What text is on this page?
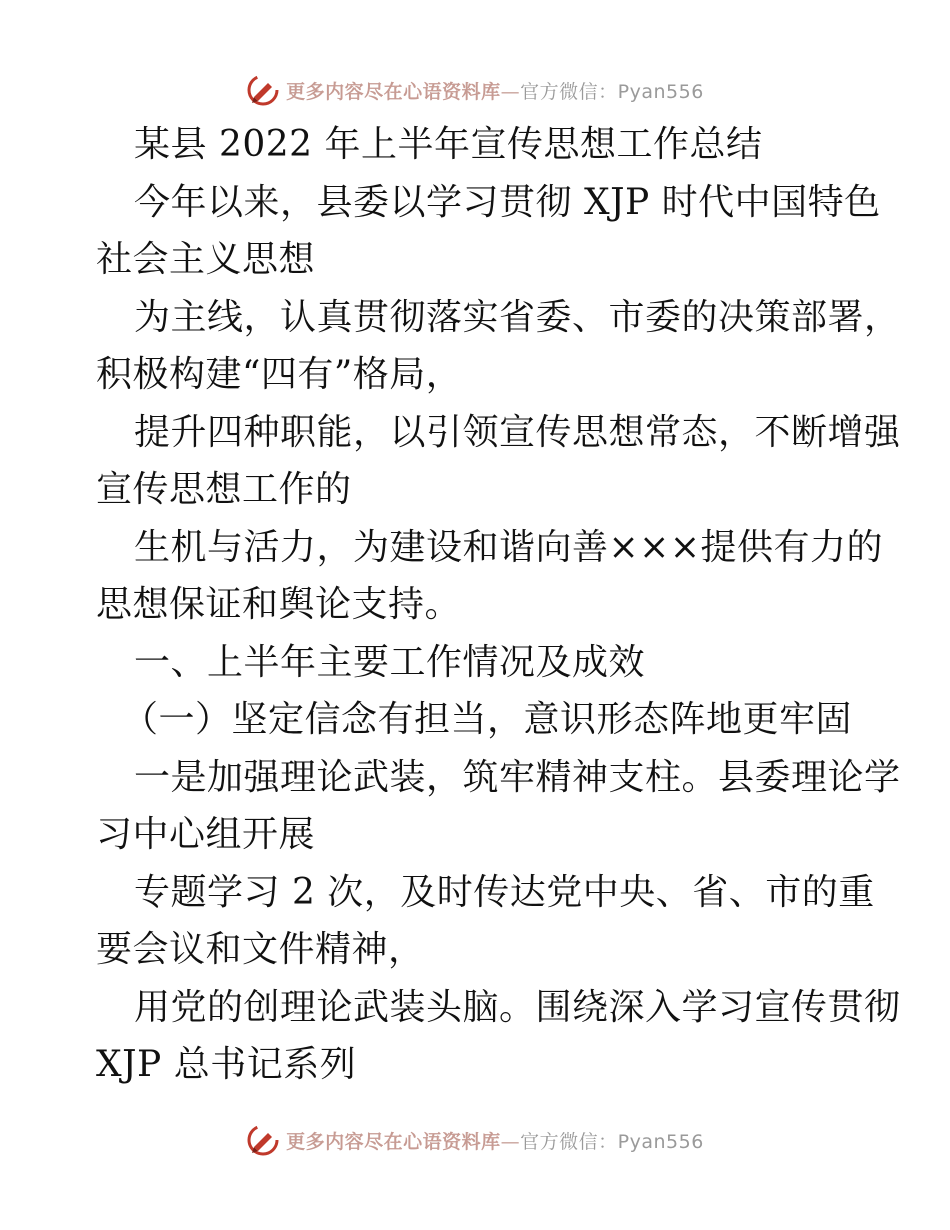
更多内容尽在心语资料库—官方微信：Pyan556
某县 2022 年上半年宣传思想工作总结
今年以来，县委以学习贯彻 XJP 时代中国特色
社会主义思想
为主线，认真贯彻落实省委、市委的决策部署，
积极构建“四有”格局，
提升四种职能，以引领宣传思想常态，不断增强
宣传思想工作的
生机与活力，为建设和谐向善×××提供有力的
思想保证和舆论支持。
一、上半年主要工作情况及成效
（一）坚定信念有担当，意识形态阵地更牢固
一是加强理论武装，筑牢精神支柱。县委理论学
习中心组开展
专题学习 2 次，及时传达党中央、省、市的重
要会议和文件精神，
用党的创理论武装头脑。围绕深入学习宣传贯彻
XJP 总书记系列
更多内容尽在心语资料库—官方微信：Pyan556
